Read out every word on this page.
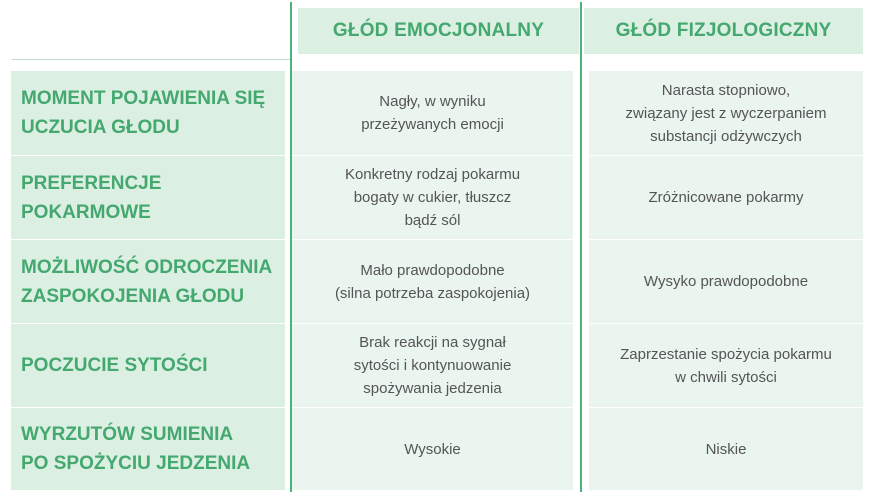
GŁÓD EMOCJONALNY	GŁÓD FIZJOLOGICZNY
MOMENT POJAWIENIA SIĘ
UCZUCIA GŁODU
Nagły, w wyniku
przeżywanych emocji
Narasta stopniowo,
związany jest z wyczerpaniem
substancji odżywczych
PREFERENCJE
POKARMOWE
Konkretny rodzaj pokarmu
bogaty w cukier, tłuszcz
bądź sól
Zróżnicowane pokarmy
MOŻLIWOŚĆ ODROCZENIA
ZASPOKOJENIA GŁODU
Mało prawdopodobne
(silna potrzeba zaspokojenia)
Wysyko prawdopodobne
POCZUCIE SYTOŚCI
Brak reakcji na sygnał
sytości i kontynuowanie
spożywania jedzenia
Zaprzestanie spożycia pokarmu
w chwili sytości
WYRZUTÓW SUMIENIA
PO SPOŻYCIU JEDZENIA
Wysokie	Niskie
